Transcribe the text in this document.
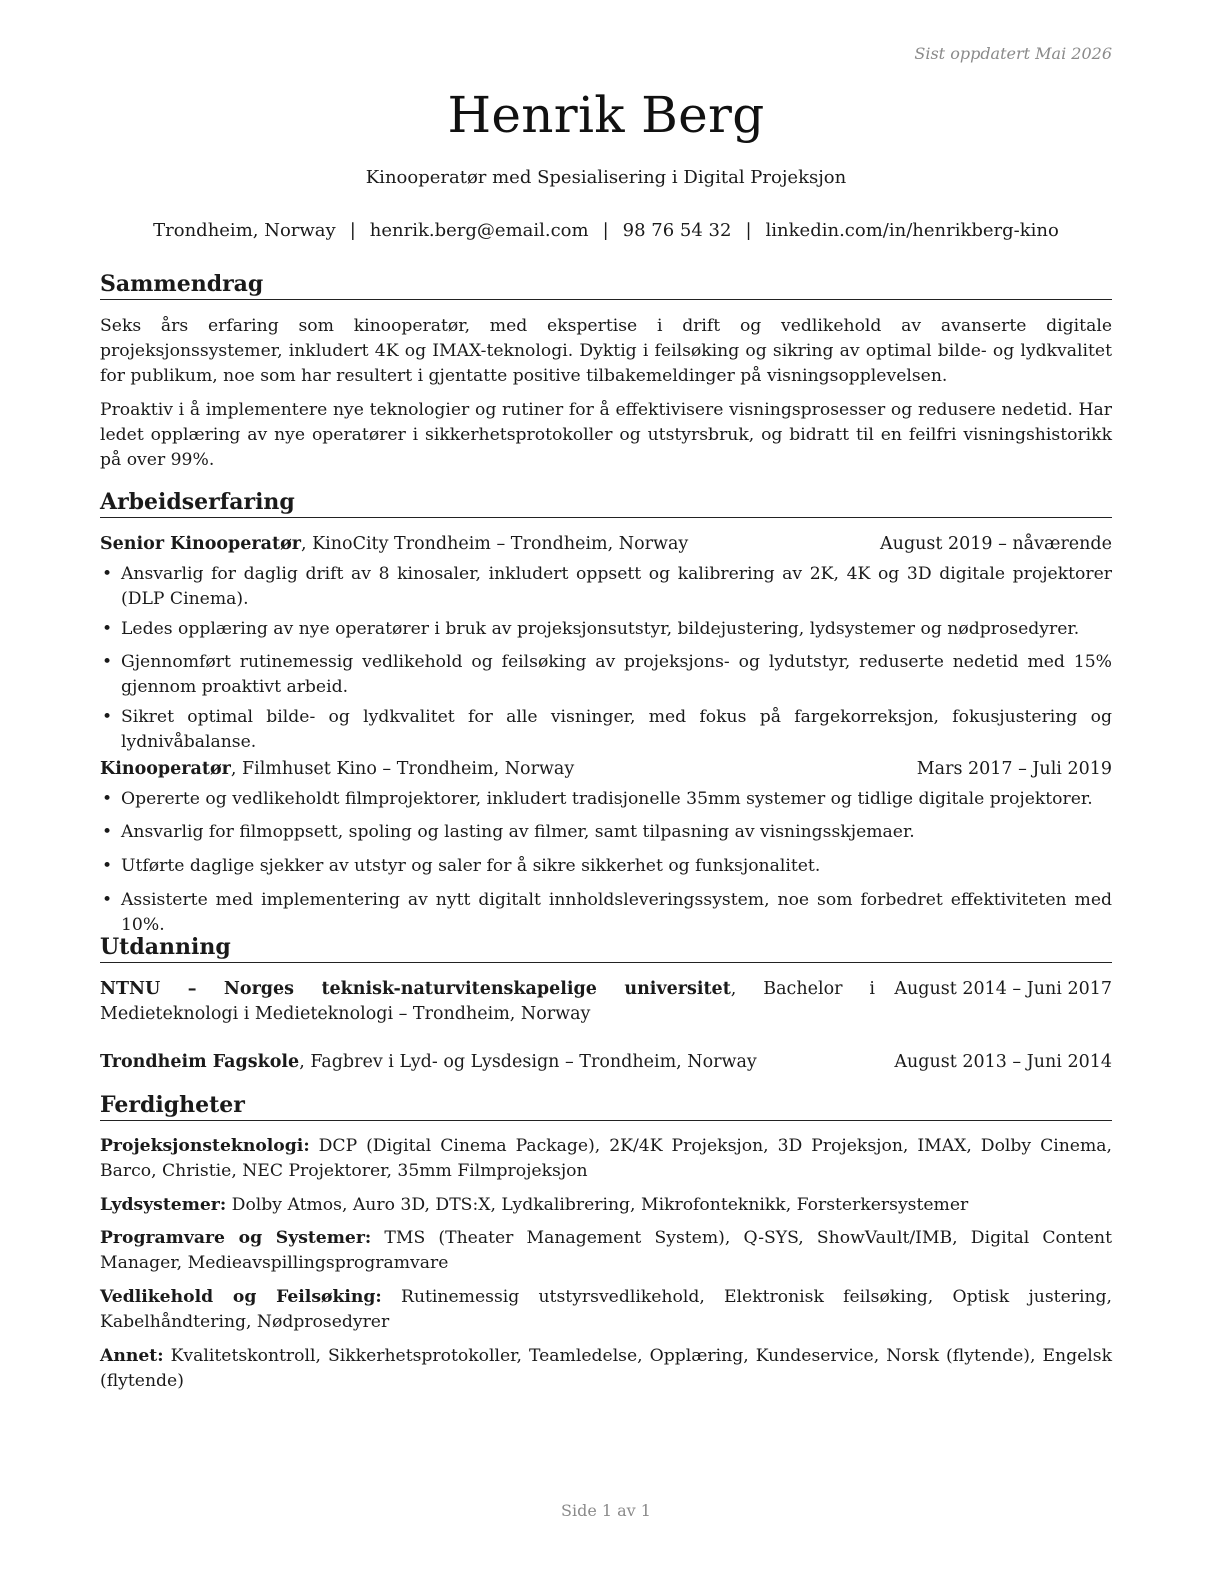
Sist oppdatert Mai 2026
Henrik Berg
Kinooperatør med Spesialisering i Digital Projeksjon
Trondheim, Norway | henrik.berg@email.com | 98 76 54 32 | linkedin.com/in/henrikberg-kino
Sammendrag
Seks års erfaring som kinooperatør, med ekspertise i drift og vedlikehold av avanserte digitale projeksjonssystemer, inkludert 4K og IMAX-teknologi. Dyktig i feilsøking og sikring av optimal bilde- og lydkvalitet for publikum, noe som har resultert i gjentatte positive tilbakemeldinger på visningsopplevelsen.
Proaktiv i å implementere nye teknologier og rutiner for å effektivisere visningsprosesser og redusere nedetid. Har ledet opplæring av nye operatører i sikkerhetsprotokoller og utstyrsbruk, og bidratt til en feilfri visningshistorikk på over 99%.
Arbeidserfaring
Senior Kinooperatør, KinoCity Trondheim – Trondheim, Norway	August 2019 – nåværende
• Ansvarlig for daglig drift av 8 kinosaler, inkludert oppsett og kalibrering av 2K, 4K og 3D digitale projektorer (DLP Cinema).
• Ledes opplæring av nye operatører i bruk av projeksjonsutstyr, bildejustering, lydsystemer og nødprosedyrer.
• Gjennomført rutinemessig vedlikehold og feilsøking av projeksjons- og lydutstyr, reduserte nedetid med 15% gjennom proaktivt arbeid.
• Sikret optimal bilde- og lydkvalitet for alle visninger, med fokus på fargekorreksjon, fokusjustering og lydnivåbalanse.
Kinooperatør, Filmhuset Kino – Trondheim, Norway	Mars 2017 – Juli 2019
• Opererte og vedlikeholdt filmprojektorer, inkludert tradisjonelle 35mm systemer og tidlige digitale projektorer.
• Ansvarlig for filmoppsett, spoling og lasting av filmer, samt tilpasning av visningsskjemaer.
• Utførte daglige sjekker av utstyr og saler for å sikre sikkerhet og funksjonalitet.
• Assisterte med implementering av nytt digitalt innholdsleveringssystem, noe som forbedret effektiviteten med 10%.
Utdanning
NTNU – Norges teknisk-naturvitenskapelige universitet, Bachelor i Medieteknologi i Medieteknologi – Trondheim, Norway
August 2014 – Juni 2017
Trondheim Fagskole, Fagbrev i Lyd- og Lysdesign – Trondheim, Norway	August 2013 – Juni 2014
Ferdigheter
Projeksjonsteknologi: DCP (Digital Cinema Package), 2K/4K Projeksjon, 3D Projeksjon, IMAX, Dolby Cinema, Barco, Christie, NEC Projektorer, 35mm Filmprojeksjon
Lydsystemer: Dolby Atmos, Auro 3D, DTS:X, Lydkalibrering, Mikrofonteknikk, Forsterkersystemer
Programvare og Systemer: TMS (Theater Management System), Q-SYS, ShowVault/IMB, Digital Content Manager, Medieavspillingsprogramvare
Vedlikehold og Feilsøking: Rutinemessig utstyrsvedlikehold, Elektronisk feilsøking, Optisk justering, Kabelhåndtering, Nødprosedyrer
Annet: Kvalitetskontroll, Sikkerhetsprotokoller, Teamledelse, Opplæring, Kundeservice, Norsk (flytende), Engelsk (flytende)
Side 1 av 1
